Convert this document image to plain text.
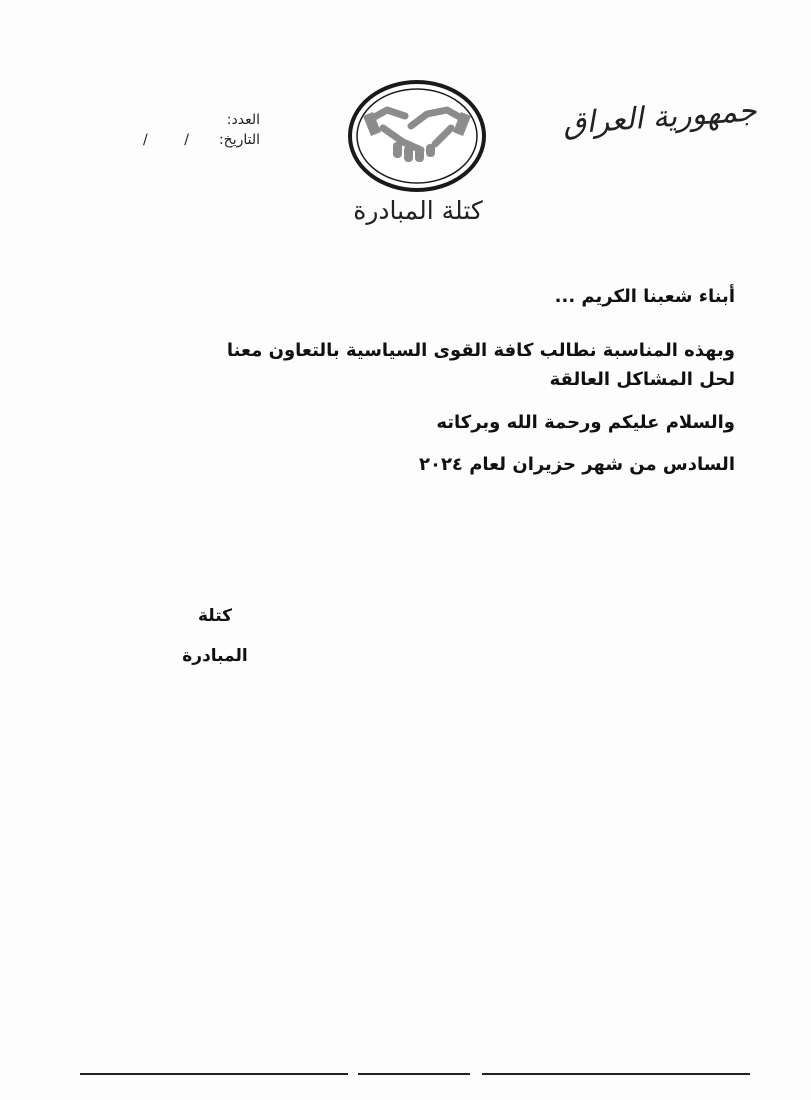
جمهورية العراق
العدد:
التاريخ:/ /
كتلة المبادرة

أبناء شعبنا الكريم ...

وبهذه المناسبة نطالب كافة القوى السياسية بالتعاون معنا
لحل المشاكل العالقة

والسلام عليكم ورحمة الله وبركاته

السادس من شهر حزيران لعام ٢٠٢٤

كتلة
المبادرة
